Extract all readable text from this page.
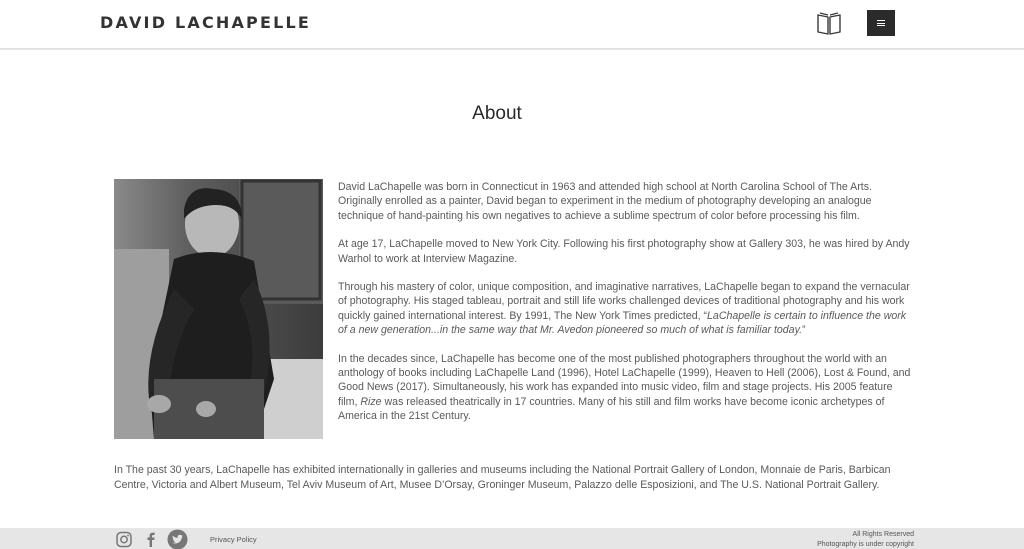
DAVID LACHAPELLE
About

David LaChapelle was born in Connecticut in 1963 and attended high school at North Carolina School of The Arts. Originally enrolled as a painter, David began to experiment in the medium of photography developing an analogue technique of hand-painting his own negatives to achieve a sublime spectrum of color before processing his film.

At age 17, LaChapelle moved to New York City. Following his first photography show at Gallery 303, he was hired by Andy Warhol to work at Interview Magazine.

Through his mastery of color, unique composition, and imaginative narratives, LaChapelle began to expand the vernacular of photography. His staged tableau, portrait and still life works challenged devices of traditional photography and his work quickly gained international interest. By 1991, The New York Times predicted, “LaChapelle is certain to influence the work of a new generation...in the same way that Mr. Avedon pioneered so much of what is familiar today.”

In the decades since, LaChapelle has become one of the most published photographers throughout the world with an anthology of books including LaChapelle Land (1996), Hotel LaChapelle (1999), Heaven to Hell (2006), Lost & Found, and Good News (2017). Simultaneously, his work has expanded into music video, film and stage projects. His 2005 feature film, Rize was released theatrically in 17 countries. Many of his still and film works have become iconic archetypes of America in the 21st Century.

In The past 30 years, LaChapelle has exhibited internationally in galleries and museums including the National Portrait Gallery of London, Monnaie de Paris, Barbican Centre, Victoria and Albert Museum, Tel Aviv Museum of Art, Musee D’Orsay, Groninger Museum, Palazzo delle Esposizioni, and The U.S. National Portrait Gallery.

Privacy Policy
All Rights Reserved
Photography is under copyright
